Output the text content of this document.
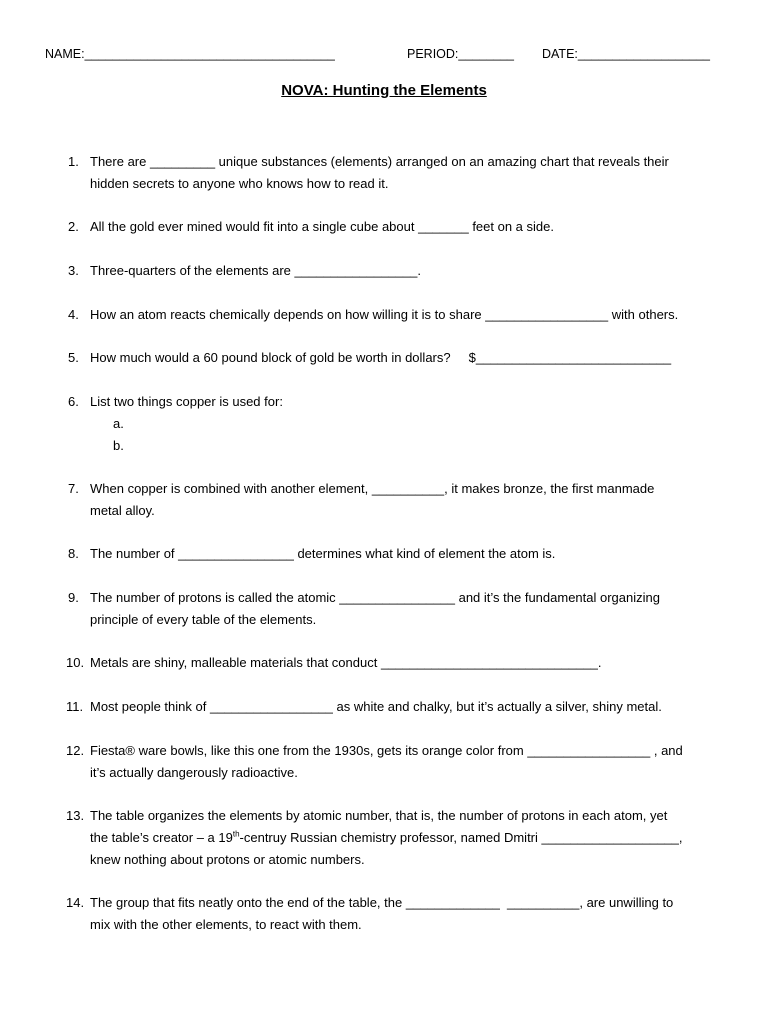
NAME:____________________________________	PERIOD:________ DATE:___________________
NOVA: Hunting the Elements
1. There are _________ unique substances (elements) arranged on an amazing chart that reveals their
hidden secrets to anyone who knows how to read it.
2. All the gold ever mined would fit into a single cube about _______ feet on a side.
3. Three-quarters of the elements are _________________.
4. How an atom reacts chemically depends on how willing it is to share _________________ with others.
5. How much would a 60 pound block of gold be worth in dollars?     $___________________________
6. List two things copper is used for:
a.
b.
7. When copper is combined with another element, __________, it makes bronze, the first manmade
metal alloy.
8. The number of ________________ determines what kind of element the atom is.
9. The number of protons is called the atomic ________________ and it’s the fundamental organizing
principle of every table of the elements.
10. Metals are shiny, malleable materials that conduct ______________________________.
11. Most people think of _________________ as white and chalky, but it’s actually a silver, shiny metal.
12. Fiesta® ware bowls, like this one from the 1930s, gets its orange color from _________________ , and
it’s actually dangerously radioactive.
13. The table organizes the elements by atomic number, that is, the number of protons in each atom, yet
the table’s creator – a 19th-centruy Russian chemistry professor, named Dmitri ___________________,
knew nothing about protons or atomic numbers.
14. The group that fits neatly onto the end of the table, the _____________  __________, are unwilling to
mix with the other elements, to react with them.
